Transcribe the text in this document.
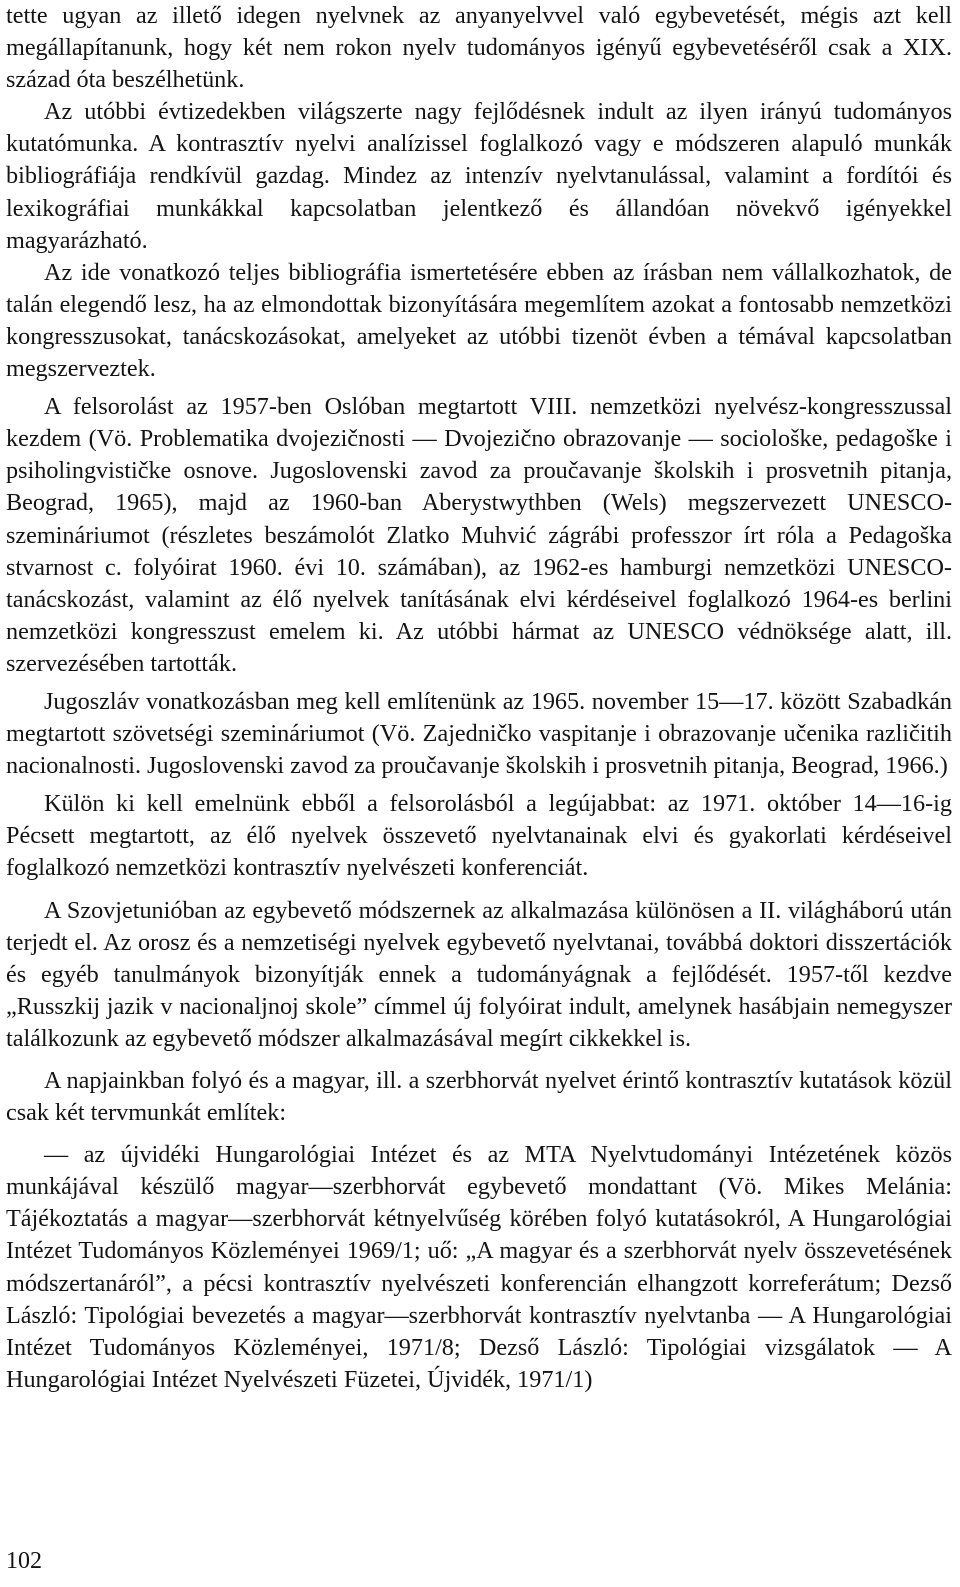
tette ugyan az illető idegen nyelvnek az anyanyelvvel való egybevetését, mégis azt kell megállapítanunk, hogy két nem rokon nyelv tudományos igényű egybevetéséről csak a XIX. század óta beszélhetünk.

Az utóbbi évtizedekben világszerte nagy fejlődésnek indult az ilyen irányú tudományos kutatómunka. A kontrasztív nyelvi analízissel foglalkozó vagy e módszeren alapuló munkák bibliográfiája rendkívül gazdag. Mindez az intenzív nyelvtanulással, valamint a fordítói és lexikográfiai munkákkal kapcsolatban jelentkező és állandóan növekvő igényekkel magyarázható.

Az ide vonatkozó teljes bibliográfia ismertetésére ebben az írásban nem vállalkozhatok, de talán elegendő lesz, ha az elmondottak bizonyítására megemlítem azokat a fontosabb nemzetközi kongresszusokat, tanácskozásokat, amelyeket az utóbbi tizenöt évben a témával kapcsolatban megszerveztek.

A felsorolást az 1957-ben Oslóban megtartott VIII. nemzetközi nyelvész-kongresszussal kezdem (Vö. Problematika dvojezičnosti — Dvojezično obrazovanje — sociološke, pedagoške i psiholingvističke osnove. Jugoslovenski zavod za proučavanje školskih i prosvetnih pitanja, Beograd, 1965), majd az 1960-ban Aberystwythben (Wels) megszervezett UNESCO-szemináriumot (részletes beszámolót Zlatko Muhvić zágrábi professzor írt róla a Pedagoška stvarnost c. folyóirat 1960. évi 10. számában), az 1962-es hamburgi nemzetközi UNESCO-tanácskozást, valamint az élő nyelvek tanításának elvi kérdéseivel foglalkozó 1964-es berlini nemzetközi kongresszust emelem ki. Az utóbbi hármat az UNESCO védnöksége alatt, ill. szervezésében tartották.

Jugoszláv vonatkozásban meg kell említenünk az 1965. november 15—17. között Szabadkán megtartott szövetségi szemináriumot (Vö. Zajedničko vaspitanje i obrazovanje učenika različitih nacionalnosti. Jugoslovenski zavod za proučavanje školskih i prosvetnih pitanja, Beograd, 1966.)

Külön ki kell emelnünk ebből a felsorolásból a legújabbat: az 1971. október 14—16-ig Pécsett megtartott, az élő nyelvek összevető nyelvtanainak elvi és gyakorlati kérdéseivel foglalkozó nemzetközi kontrasztív nyelvészeti konferenciát.

A Szovjetunióban az egybevető módszernek az alkalmazása különösen a II. világháború után terjedt el. Az orosz és a nemzetiségi nyelvek egybevető nyelvtanai, továbbá doktori disszertációk és egyéb tanulmányok bizonyítják ennek a tudományágnak a fejlődését. 1957-től kezdve „Russzkij jazik v nacionaljnoj skole” címmel új folyóirat indult, amelynek hasábjain nemegyszer találkozunk az egybevető módszer alkalmazásával megírt cikkekkel is.

A napjainkban folyó és a magyar, ill. a szerbhorvát nyelvet érintő kontrasztív kutatások közül csak két tervmunkát említek:

— az újvidéki Hungarológiai Intézet és az MTA Nyelvtudományi Intézetének közös munkájával készülő magyar—szerbhorvát egybevető mondattant (Vö. Mikes Melánia: Tájékoztatás a magyar—szerbhorvát kétnyelvűség körében folyó kutatásokról, A Hungarológiai Intézet Tudományos Közleményei 1969/1; uő: „A magyar és a szerbhorvát nyelv összevetésének módszertanáról”, a pécsi kontrasztív nyelvészeti konferencián elhangzott korreferátum; Dezső László: Tipológiai bevezetés a magyar—szerbhorvát kontrasztív nyelvtanba — A Hungarológiai Intézet Tudományos Közleményei, 1971/8; Dezső László: Tipológiai vizsgálatok — A Hungarológiai Intézet Nyelvészeti Füzetei, Újvidék, 1971/1)

102
